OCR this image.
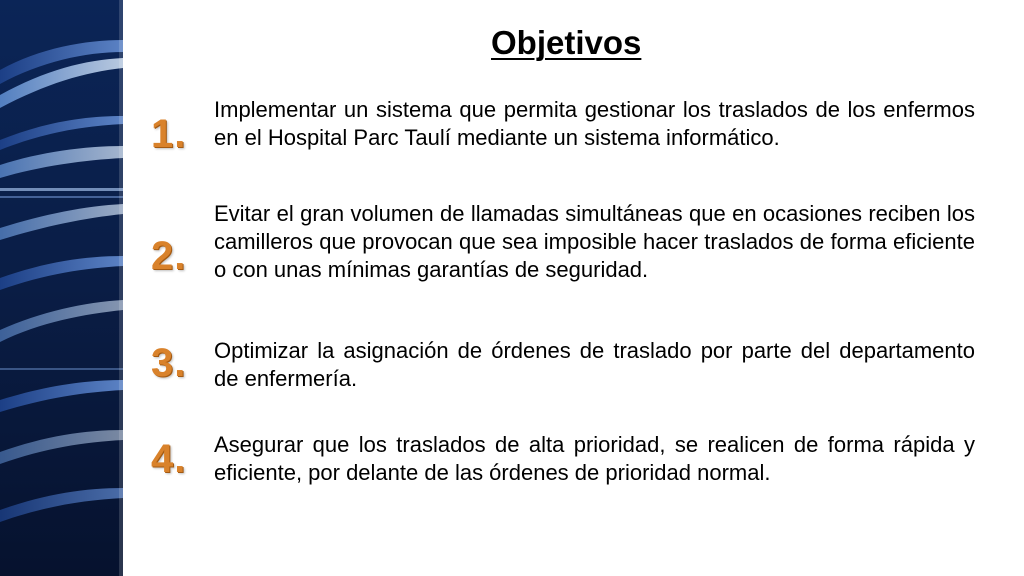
Objetivos
1.

Implementar un sistema que permita gestionar los traslados de los enfermos en el Hospital Parc Taulí mediante un sistema informático.

2.

Evitar el gran volumen de llamadas simultáneas que en ocasiones reciben los camilleros que provocan que sea imposible hacer traslados de forma eficiente o con unas mínimas garantías de seguridad.

3. Optimizar la asignación de órdenes de traslado por parte del departamento de enfermería.

4. Asegurar que los traslados de alta prioridad, se realicen de forma rápida y eficiente, por delante de las órdenes de prioridad normal.
